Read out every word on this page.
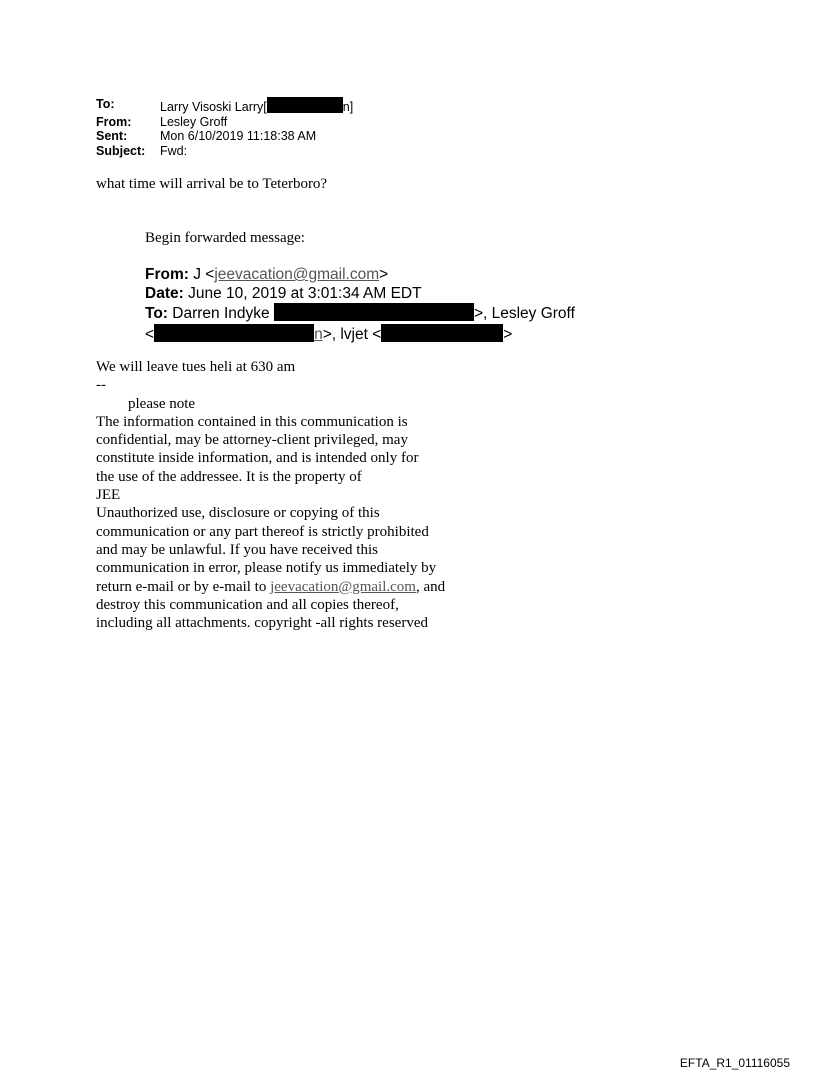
To:	Larry Visoski Larry[	n]
From:	Lesley Groff
Sent:	Mon 6/10/2019 11:18:38 AM
Subject:	Fwd:
what time will arrival be to Teterboro?
Begin forwarded message:
From: J <jeevacation@gmail.com>
Date: June 10, 2019 at 3:01:34 AM EDT
To: Darren Indyke	>, Lesley Groff
<	n>, lvjet <	>
We will leave tues heli at 630 am
--
please note
The information contained in this communication is
confidential, may be attorney-client privileged, may
constitute inside information, and is intended only for
the use of the addressee. It is the property of
JEE
Unauthorized use, disclosure or copying of this
communication or any part thereof is strictly prohibited
and may be unlawful. If you have received this
communication in error, please notify us immediately by
return e-mail or by e-mail to jeevacation@gmail.com, and
destroy this communication and all copies thereof,
including all attachments. copyright -all rights reserved
EFTA_R1_01116055
